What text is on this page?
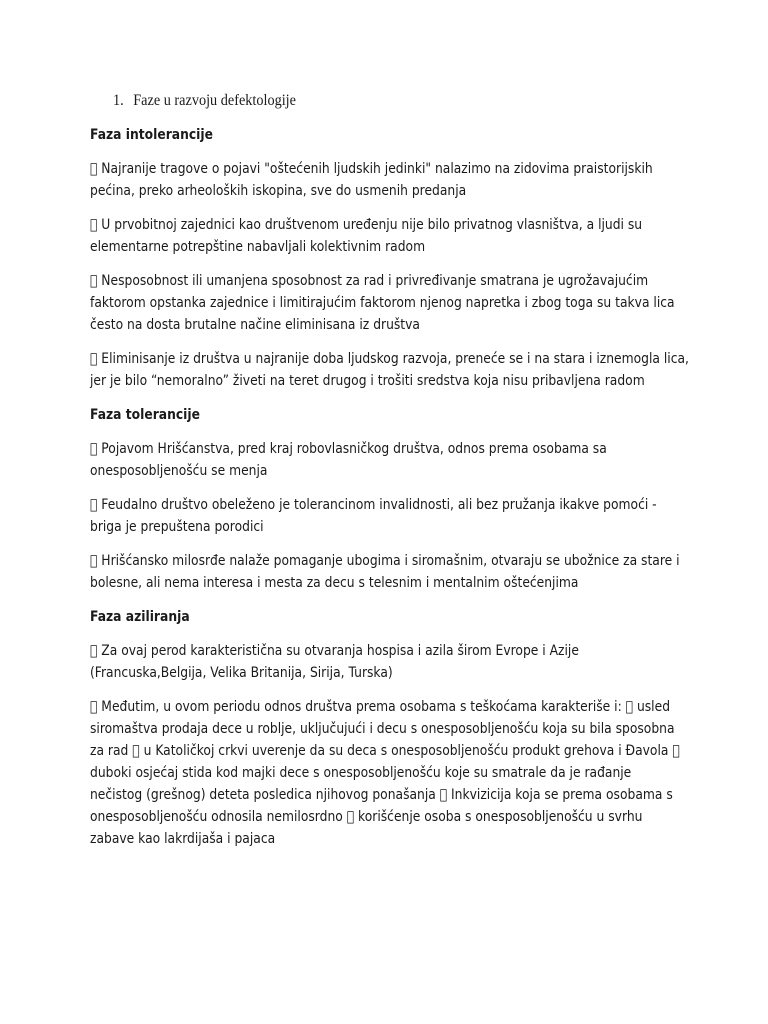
1. Faze u razvoju defektologije
Faza intolerancije
Najranije tragove o pojavi "oštećenih ljudskih jedinki" nalazimo na zidovima praistorijskih
pećina, preko arheoloških iskopina, sve do usmenih predanja
U prvobitnoj zajednici kao društvenom uređenju nije bilo privatnog vlasništva, a ljudi su
elementarne potrepštine nabavljali kolektivnim radom
Nesposobnost ili umanjena sposobnost za rad i privređivanje smatrana je ugrožavajućim
faktorom opstanka zajednice i limitirajućim faktorom njenog napretka i zbog toga su takva lica
često na dosta brutalne načine eliminisana iz društva
Eliminisanje iz društva u najranije doba ljudskog razvoja, preneće se i na stara i iznemogla lica,
jer je bilo “nemoralno” živeti na teret drugog i trošiti sredstva koja nisu pribavljena radom
Faza tolerancije
Pojavom Hrišćanstva, pred kraj robovlasničkog društva, odnos prema osobama sa
onesposobljenošću se menja
Feudalno društvo obeleženo je tolerancinom invalidnosti, ali bez pružanja ikakve pomoći -
briga je prepuštena porodici
Hrišćansko milosrđe nalaže pomaganje ubogima i siromašnim, otvaraju se ubožnice za stare i
bolesne, ali nema interesa i mesta za decu s telesnim i mentalnim oštećenjima
Faza aziliranja
Za ovaj perod karakteristična su otvaranja hospisa i azila širom Evrope i Azije
(Francuska,Belgija, Velika Britanija, Sirija, Turska)
Međutim, u ovom periodu odnos društva prema osobama s teškoćama karakteriše i: usled
siromaštva prodaja dece u roblje, uključujući i decu s onesposobljenošću koja su bila sposobna
za rad u Katoličkoj crkvi uverenje da su deca s onesposobljenošću produkt grehova i Đavola
duboki osjećaj stida kod majki dece s onesposobljenošću koje su smatrale da je rađanje
nečistog (grešnog) deteta posledica njihovog ponašanja Inkvizicija koja se prema osobama s
onesposobljenošću odnosila nemilosrdno korišćenje osoba s onesposobljenošću u svrhu
zabave kao lakrdijaša i pajaca
